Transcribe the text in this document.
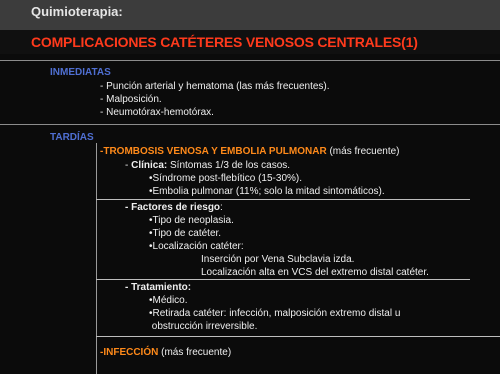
Quimioterapia:
COMPLICACIONES CATÉTERES VENOSOS CENTRALES(1)
INMEDIATAS
- Punción arterial y hematoma (las más frecuentes).
- Malposición.
- Neumotórax-hemotórax.
TARDÍAS
-TROMBOSIS VENOSA Y EMBOLIA PULMONAR (más frecuente)
- Clínica: Síntomas 1/3 de los casos.
•Síndrome post-flebítico (15-30%).
•Embolia pulmonar (11%; solo la mitad sintomáticos).
- Factores de riesgo:
•Tipo de neoplasia.
•Tipo de catéter.
•Localización catéter:
Inserción por Vena Subclavia izda.
Localización alta en VCS del extremo distal catéter.
- Tratamiento:
•Médico.
•Retirada catéter: infección, malposición extremo distal u
obstrucción irreversible.
-INFECCIÓN (más frecuente)
